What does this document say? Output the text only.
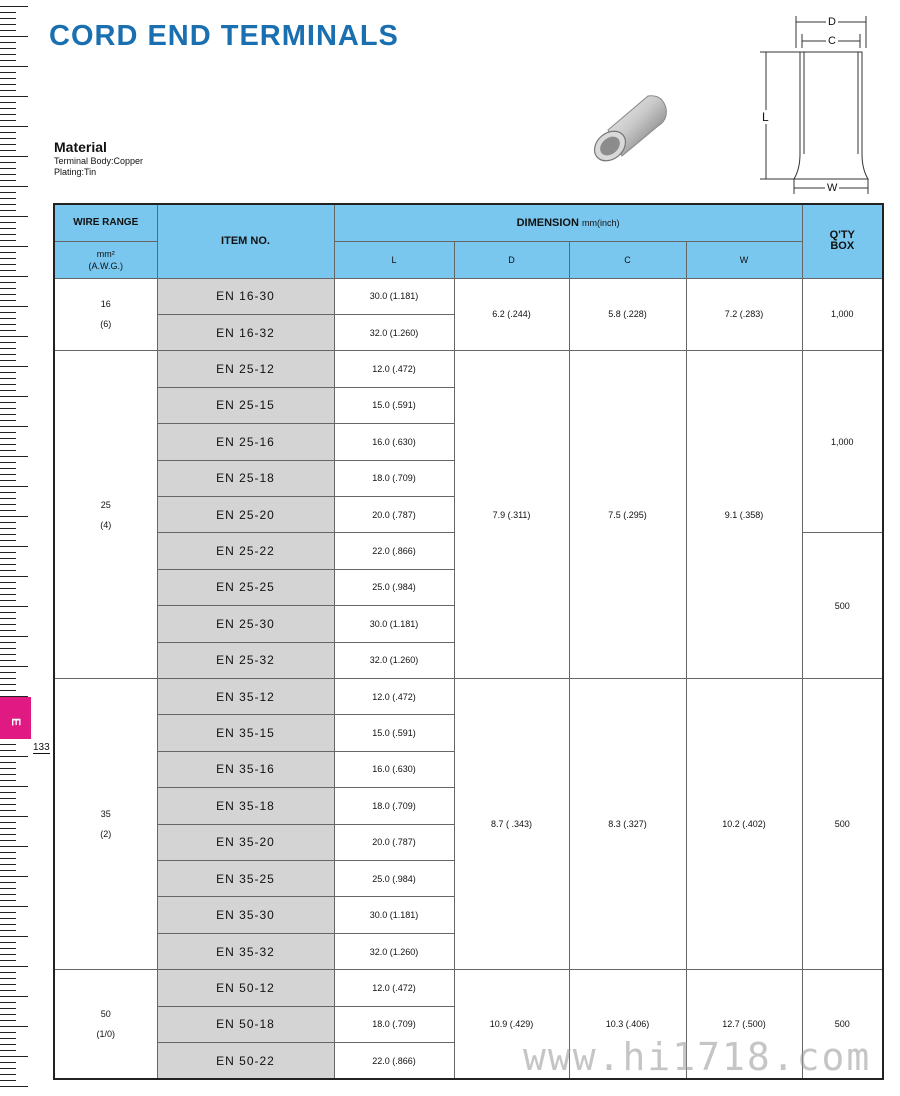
E
133
CORD END TERMINALS
Material
Terminal Body:Copper
Plating:Tin
D
C
L
W
WIRE RANGE	ITEM NO.	DIMENSION mm(inch)				Q'TY BOX

mm²
(A.W.G.)		L	D	C	W	

16
(6)	EN 16-30	30.0 (1.181)	6.2 (.244)	5.8 (.228)	7.2 (.283)	1,000
	EN 16-32	32.0 (1.260)				

25
(4)	EN 25-12	12.0 (.472)	7.9 (.311)	7.5 (.295)	9.1 (.358)	1,000
	EN 25-15	15.0 (.591)				
	EN 25-16	16.0 (.630)				
	EN 25-18	18.0 (.709)				
	EN 25-20	20.0 (.787)				
	EN 25-22	22.0 (.866)				500
	EN 25-25	25.0 (.984)				
	EN 25-30	30.0 (1.181)				
	EN 25-32	32.0 (1.260)				

35
(2)	EN 35-12	12.0 (.472)	8.7 ( .343)	8.3 (.327)	10.2 (.402)	500
	EN 35-15	15.0 (.591)				
	EN 35-16	16.0 (.630)				
	EN 35-18	18.0 (.709)				
	EN 35-20	20.0 (.787)				
	EN 35-25	25.0 (.984)				
	EN 35-30	30.0 (1.181)				
	EN 35-32	32.0 (1.260)				

50
(1/0)	EN 50-12	12.0 (.472)	10.9 (.429)	10.3 (.406)	12.7 (.500)	500
	EN 50-18	18.0 (.709)				
	EN 50-22	22.0 (.866)					www.hi1718.com
